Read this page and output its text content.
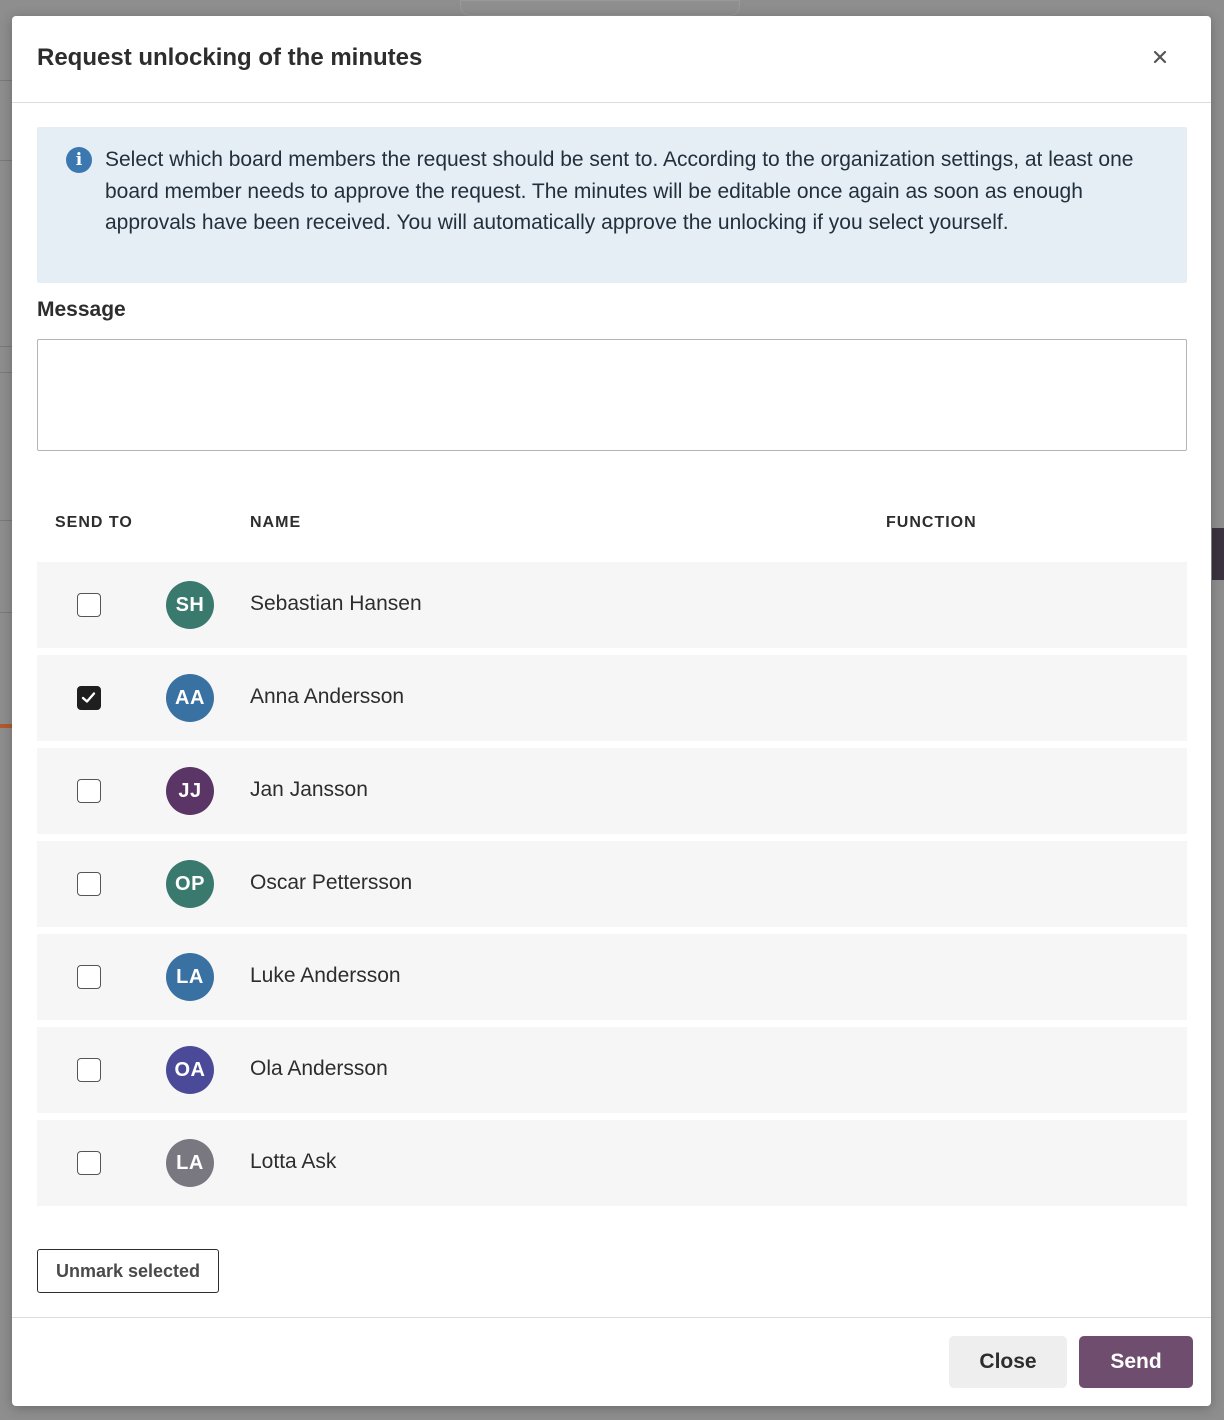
Request unlocking of the minutes
i	Select which board members the request should be sent to. According to the organization settings, at least one board member needs to approve the request. The minutes will be editable once again as soon as enough approvals have been received. You will automatically approve the unlocking if you select yourself.
Message
SEND TO	NAME	FUNCTION
SH	Sebastian Hansen
AA	Anna Andersson
JJ	Jan Jansson
OP	Oscar Pettersson
LA	Luke Andersson
OA	Ola Andersson
LA	Lotta Ask
Unmark selected
Close	Send
